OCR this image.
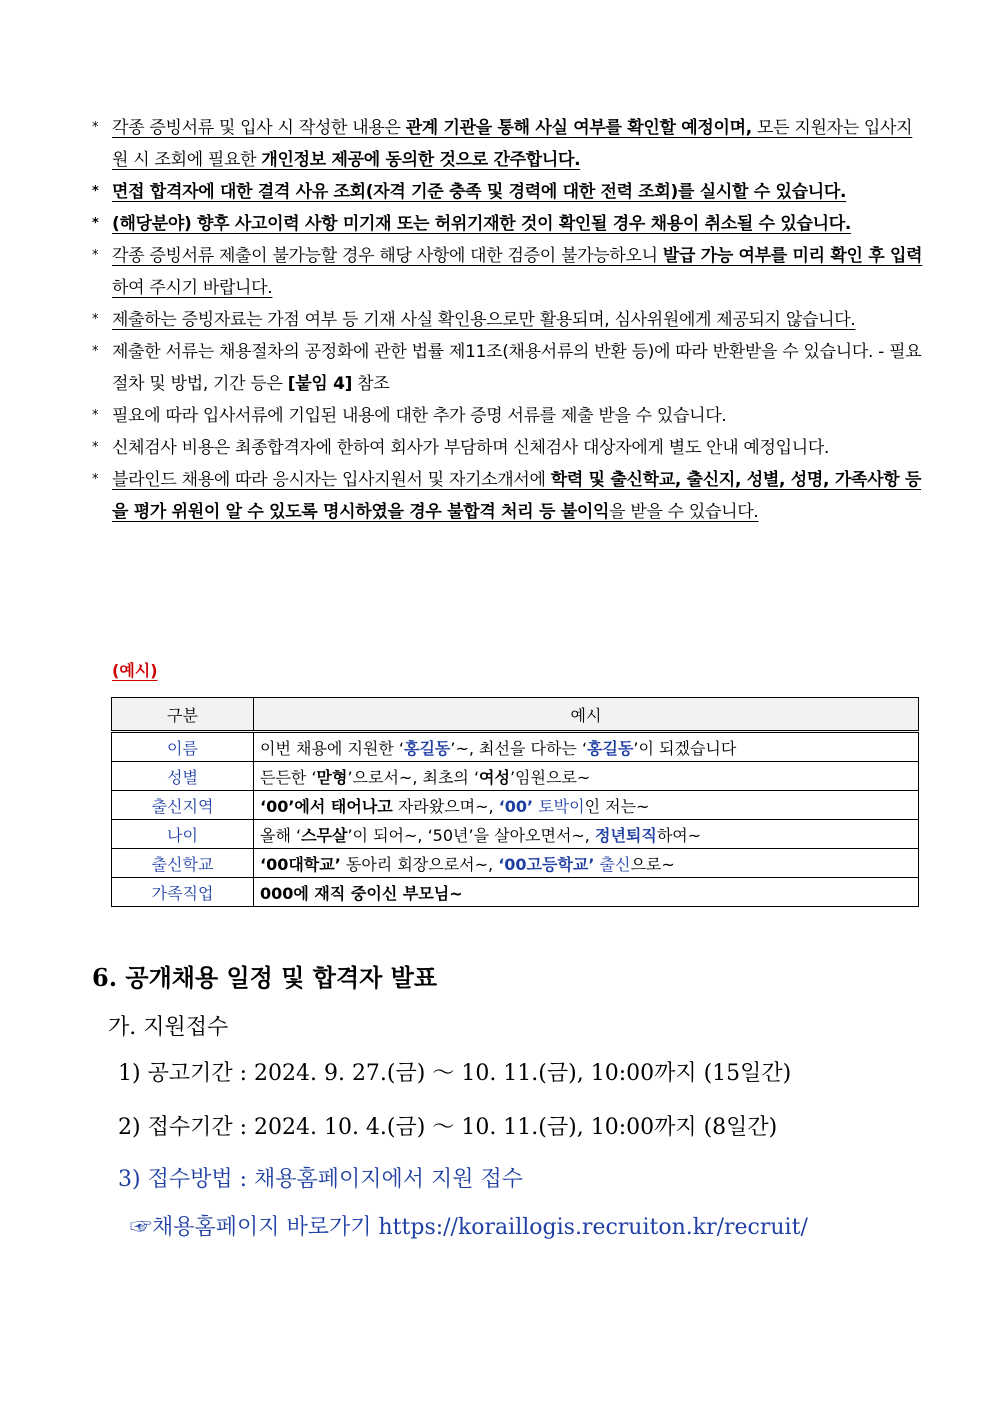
* 각종 증빙서류 및 입사 시 작성한 내용은 관계 기관을 통해 사실 여부를 확인할 예정이며, 모든 지원자는 입사지원 시 조회에 필요한 개인정보 제공에 동의한 것으로 간주합니다.
* 면접 합격자에 대한 결격 사유 조회(자격 기준 충족 및 경력에 대한 전력 조회)를 실시할 수 있습니다.
* (해당분야) 향후 사고이력 사항 미기재 또는 허위기재한 것이 확인될 경우 채용이 취소될 수 있습니다.
* 각종 증빙서류 제출이 불가능할 경우 해당 사항에 대한 검증이 불가능하오니 발급 가능 여부를 미리 확인 후 입력하여 주시기 바랍니다.
* 제출하는 증빙자료는 가점 여부 등 기재 사실 확인용으로만 활용되며, 심사위원에게 제공되지 않습니다.
* 제출한 서류는 채용절차의 공정화에 관한 법률 제11조(채용서류의 반환 등)에 따라 반환받을 수 있습니다. - 필요 절차 및 방법, 기간 등은 [붙임 4] 참조
* 필요에 따라 입사서류에 기입된 내용에 대한 추가 증명 서류를 제출 받을 수 있습니다.
* 신체검사 비용은 최종합격자에 한하여 회사가 부담하며 신체검사 대상자에게 별도 안내 예정입니다.
* 블라인드 채용에 따라 응시자는 입사지원서 및 자기소개서에 학력 및 출신학교, 출신지, 성별, 성명, 가족사항 등을 평가 위원이 알 수 있도록 명시하였을 경우 불합격 처리 등 불이익을 받을 수 있습니다.
(예시)
구분	예시
이름	이번 채용에 지원한 ‘홍길동’~, 최선을 다하는 ‘홍길동’이 되겠습니다
성별	든든한 ‘맏형’으로서~, 최초의 ‘여성’임원으로~
출신지역	‘00’에서 태어나고 자라왔으며~, ‘00’ 토박이인 저는~
나이	올해 ‘스무살’이 되어~, ‘50년’을 살아오면서~, 정년퇴직하여~
출신학교	‘00대학교’ 동아리 회장으로서~, ‘00고등학교’ 출신으로~
가족직업	000에 재직 중이신 부모님~
6. 공개채용 일정 및 합격자 발표
가. 지원접수
1) 공고기간 : 2024. 9. 27.(금) ～ 10. 11.(금), 10:00까지 (15일간)
2) 접수기간 : 2024. 10. 4.(금) ～ 10. 11.(금), 10:00까지 (8일간)
3) 접수방법 : 채용홈페이지에서 지원 접수
☞채용홈페이지 바로가기 https://koraillogis.recruiton.kr/recruit/
